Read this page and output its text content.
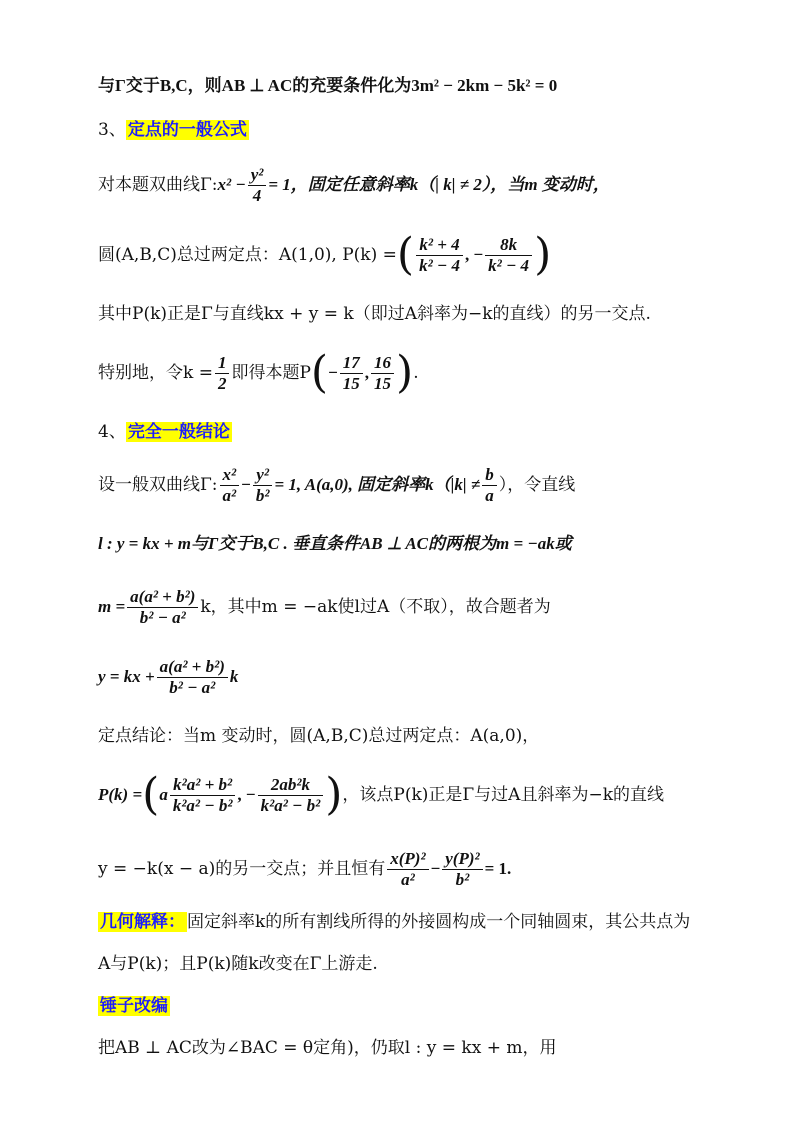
与Γ交于B,C，则AB ⊥ AC的充要条件化为3m² − 2km − 5k² = 0
3、 定点的一般公式
对本题双曲线Γ: $x^2 - \frac{\text{y²}}{4} = 1$，固定任意斜率k（| k| ≠ 2），当m 变动时，
圆(A,B,C)总过两定点：A(1,0), P(k) = ( $\frac{\text{k² + 4}}{\text{k² − 4}}$ , − $\frac{8k}{\text{k² − 4}}$ )
其中P(k)正是Γ与直线kx + y = k（即过A斜率为−k的直线）的另一交点.
特别地，令$k = \frac{1}{2}$ 即得本题P ( − $\frac{17}{15}$ , $\frac{16}{15}$ ) .
4、 完全一般结论
设一般双曲线Γ: $\frac{\text{x²}}{\text{a²}} - \frac{\text{y²}}{\text{b²}} = 1$, A(a,0), 固定斜率$k(|k| \ne \frac{b}{a}$ ），令直线
l : y = kx + m与Γ交于B,C . 垂直条件AB ⊥ AC的两根为m = −ak或
$m = \frac{\text{a(a² + b²)}}{\text{b² − a²}}$ k，其中m = −ak使l过A（不取），故合题者为
y = kx + $\frac{\text{a(a² + b²)}}{\text{b² − a²}}$ k
定点结论：当m 变动时，圆(A,B,C)总过两定点：A(a,0)，
P(k) = ( a $\frac{\text{k²a² + b²}}{\text{k²a² − b²}}$ , − $\frac{\text{2ab²k}}{\text{k²a² − b²}}$ ) ，该点P(k)正是Γ与过A且斜率为−k的直线
y = −k(x − a)的另一交点；并且恒有 $\frac{\text{x(P)²}}{\text{a²}} - \frac{\text{y(P)²}}{\text{b²}} = 1$.
几何解释： 固定斜率k的所有割线所得的外接圆构成一个同轴圆束，其公共点为
A与P(k)；且P(k)随k改变在Γ上游走.
锤子改编
把AB ⊥ AC改为∠BAC = θ定角)，仍取l : y = kx + m，用
